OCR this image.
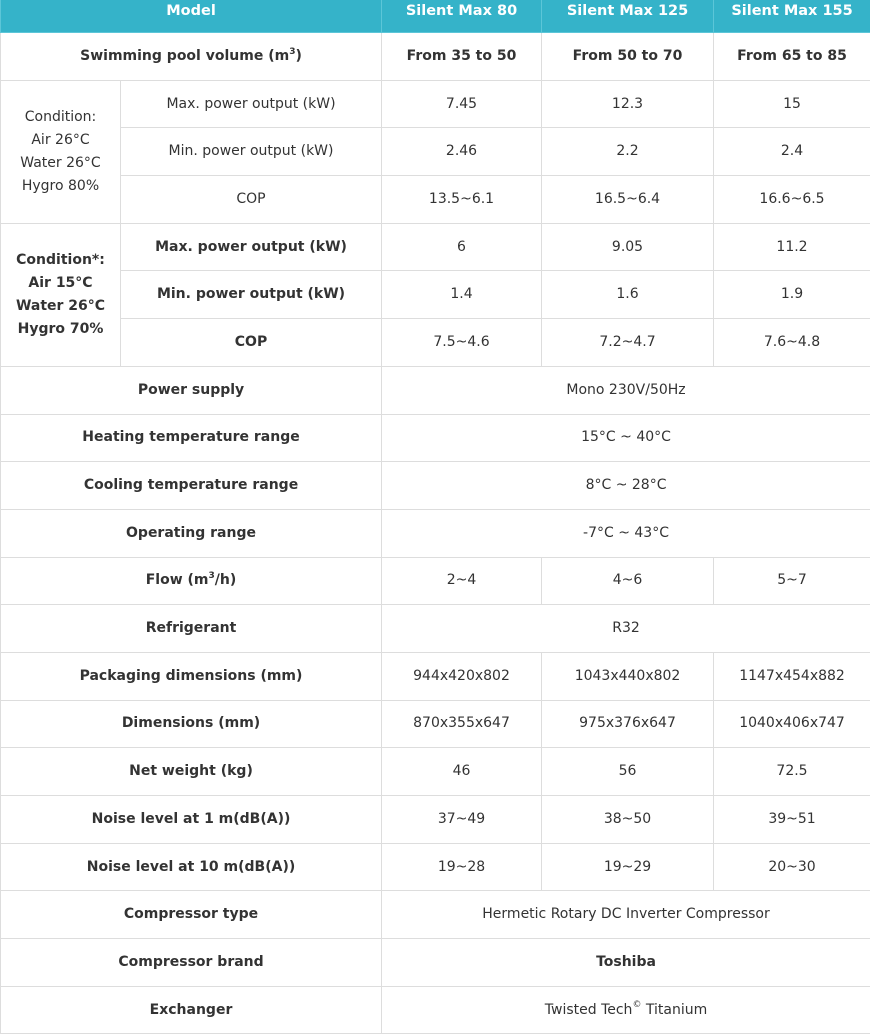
Model		Silent Max 80	Silent Max 125	Silent Max 155
Swimming pool volume $(m^3)$		From 35 to 50	From 50 to 70	From 65 to 85

Condition:
Air 26°C
Water 26°C
Hygro 80%	Max. power output (kW)	7.45	12.3	15
	Min. power output (kW)	2.46	2.2	2.4
	COP	13.5~6.1	16.5~6.4	16.6~6.5

Condition*:
Air 15°C
Water 26°C
Hygro 70%	Max. power output (kW)	6	9.05	11.2
	Min. power output (kW)	1.4	1.6	1.9
	COP	7.5~4.6	7.2~4.7	7.6~4.8
Power supply		Mono 230V/50Hz		
Heating temperature range		15°C ~ 40°C		
Cooling temperature range		8°C ~ 28°C		
Operating range		-7°C ~ 43°C		
Flow $(m^3/h)$		2~4	4~6	5~7
Refrigerant		R32		
Packaging dimensions (mm)		944x420x802	1043x440x802	1147x454x882
Dimensions (mm)		870x355x647	975x376x647	1040x406x747
Net weight (kg)		46	56	72.5
Noise level at 1 m(dB(A))		37~49	38~50	39~51
Noise level at 10 m(dB(A))		19~28	19~29	20~30
Compressor type		Hermetic Rotary DC Inverter Compressor		
Compressor brand		Toshiba		
Exchanger		Twisted Tech© Titanium		
